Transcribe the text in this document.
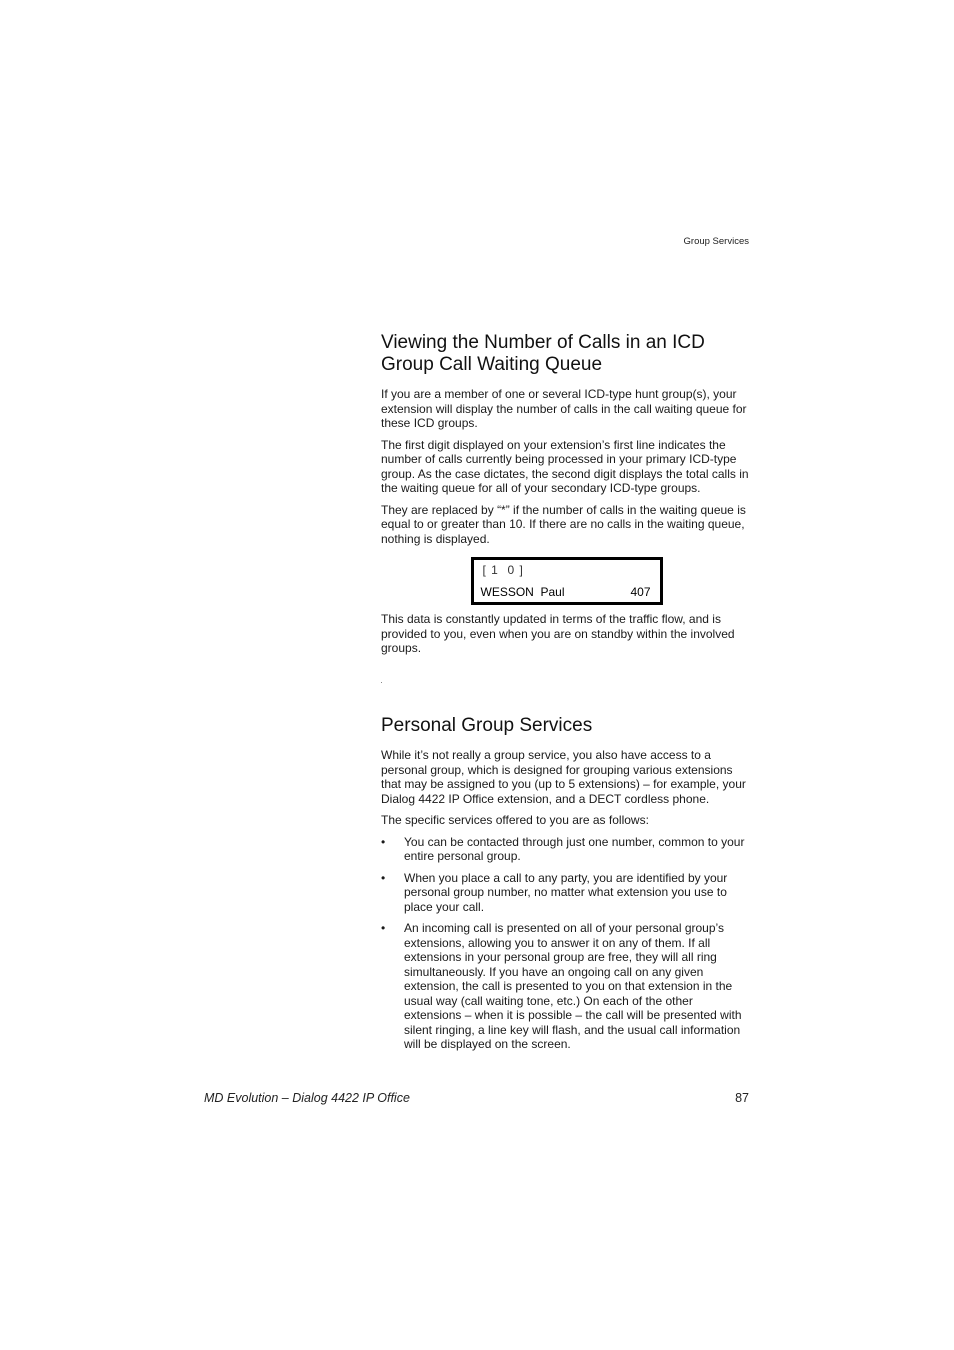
Group Services
Viewing the Number of Calls in an ICD Group Call Waiting Queue

If you are a member of one or several ICD-type hunt group(s), your extension will display the number of calls in the call waiting queue for these ICD groups.

The first digit displayed on your extension’s first line indicates the number of calls currently being processed in your primary ICD-type group. As the case dictates, the second digit displays the total calls in the waiting queue for all of your secondary ICD-type groups.

They are replaced by “*” if the number of calls in the waiting queue is equal to or greater than 10. If there are no calls in the waiting queue, nothing is displayed.

[ 1  0 ]
WESSON  Paul	407

This data is constantly updated in terms of the traffic flow, and is provided to you, even when you are on standby within the involved groups.

Personal Group Services

While it’s not really a group service, you also have access to a personal group, which is designed for grouping various extensions that may be assigned to you (up to 5 extensions) – for example, your Dialog 4422 IP Office extension, and a DECT cordless phone.

The specific services offered to you are as follows:

• You can be contacted through just one number, common to your entire personal group.
• When you place a call to any party, you are identified by your personal group number, no matter what extension you use to place your call.
• An incoming call is presented on all of your personal group’s extensions, allowing you to answer it on any of them. If all extensions in your personal group are free, they will all ring simultaneously. If you have an ongoing call on any given extension, the call is presented to you on that extension in the usual way (call waiting tone, etc.) On each of the other extensions – when it is possible – the call will be presented with silent ringing, a line key will flash, and the usual call information will be displayed on the screen.
MD Evolution – Dialog 4422 IP Office	87
